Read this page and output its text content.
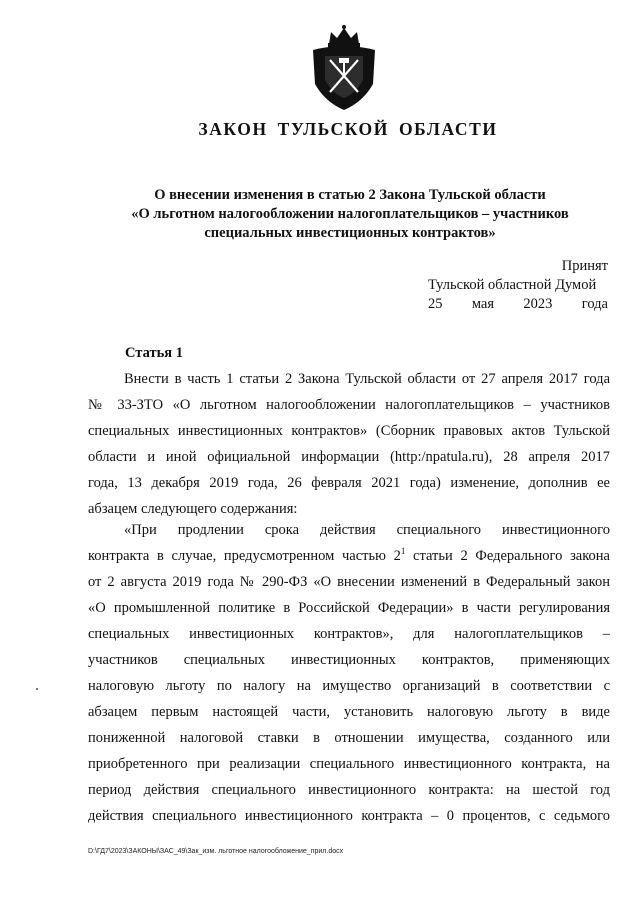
ЗАКОН ТУЛЬСКОЙ ОБЛАСТИ
О внесении изменения в статью 2 Закона Тульской области
«О льготном налогообложении налогоплательщиков – участников
специальных инвестиционных контрактов»
Принят
Тульской областной Думой
25 мая 2023 года
Статья 1
Внести в часть 1 статьи 2 Закона Тульской области от 27 апреля 2017 года
№ 33-ЗТО «О льготном налогообложении налогоплательщиков – участников
специальных инвестиционных контрактов» (Сборник правовых актов Тульской
области и иной официальной информации (http:/npatula.ru), 28 апреля 2017
года, 13 декабря 2019 года, 26 февраля 2021 года) изменение, дополнив ее
абзацем следующего содержания:
«При продлении срока действия специального инвестиционного
контракта в случае, предусмотренном частью $2^1$ статьи 2 Федерального закона
от 2 августа 2019 года № 290-ФЗ «О внесении изменений в Федеральный закон
«О промышленной политике в Российской Федерации» в части регулирования
специальных инвестиционных контрактов», для налогоплательщиков –
участников специальных инвестиционных контрактов, применяющих
налоговую льготу по налогу на имущество организаций в соответствии с
абзацем первым настоящей части, установить налоговую льготу в виде
пониженной налоговой ставки в отношении имущества, созданного или
приобретенного при реализации специального инвестиционного контракта, на
период действия специального инвестиционного контракта: на шестой год
действия специального инвестиционного контракта – 0 процентов, с седьмого
D:\ГД7\2023\ЗАКОНЫ\ЗАС_49\Зак_изм. льготное налогообложение_прил.docx
